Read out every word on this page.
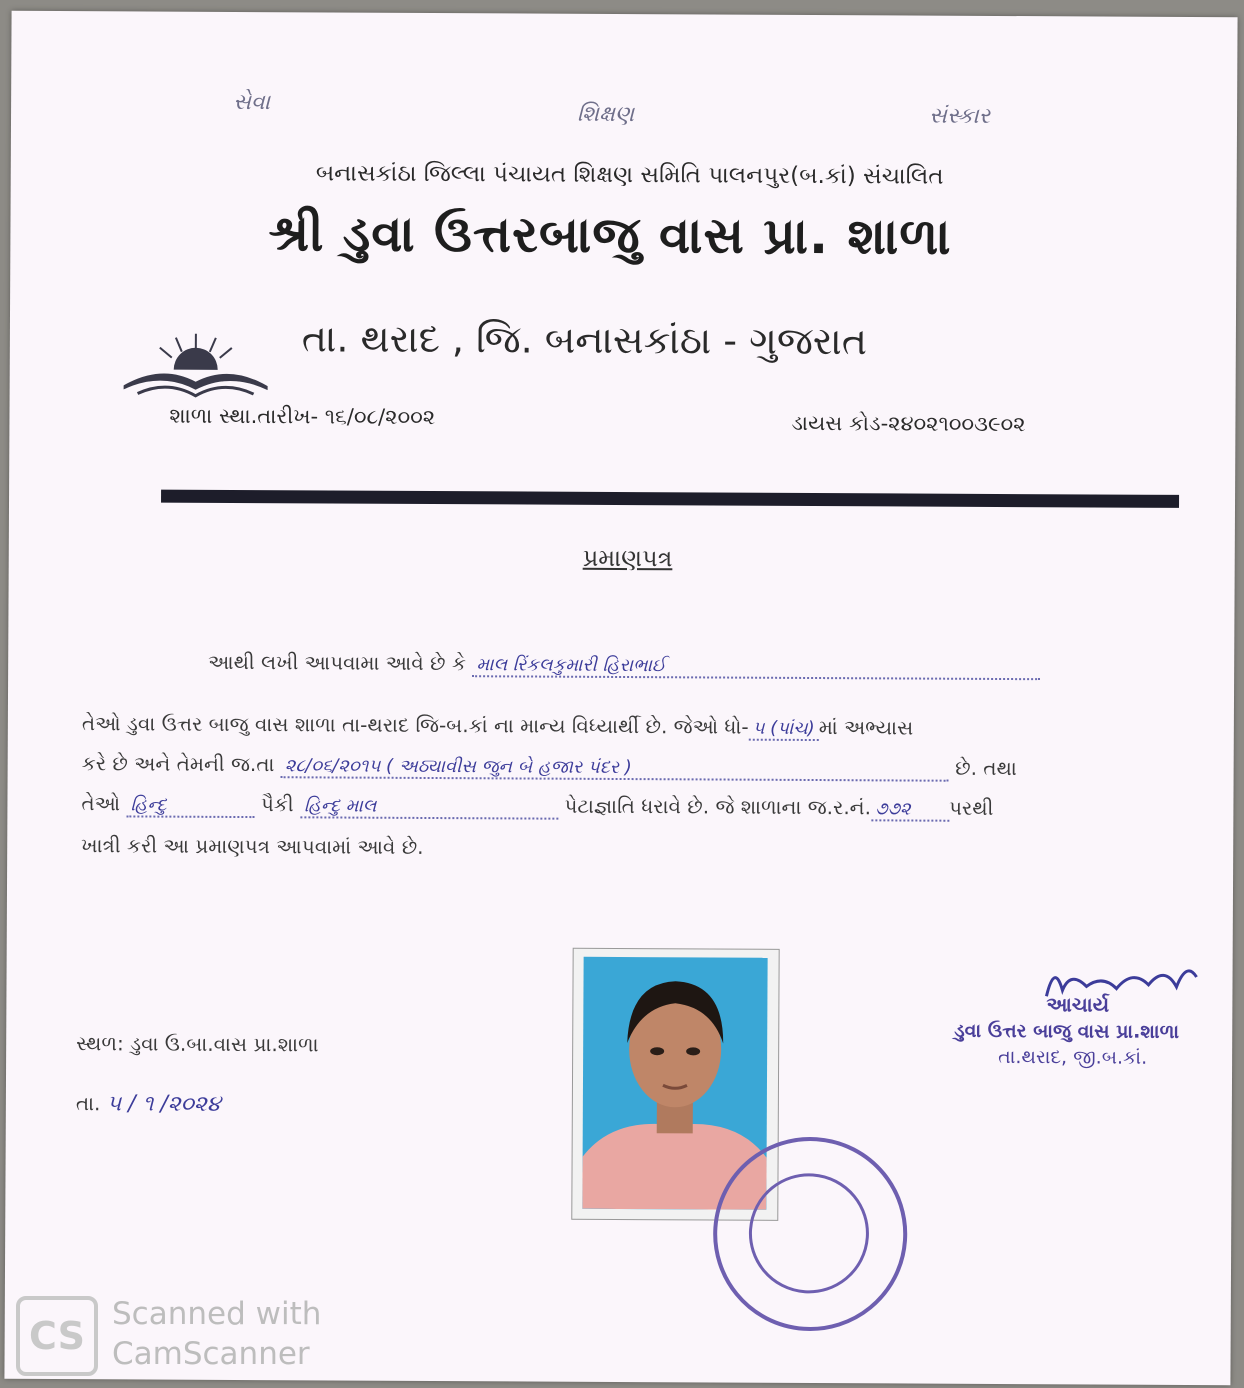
સેવા	શિક્ષણ	સંસ્કાર
બનાસકાંઠા જિલ્લા પંચાયત શિક્ષણ સમિતિ પાલનપુર(બ.કાં) સંચાલિત
શ્રી ડુવા ઉત્તરબાજુ વાસ પ્રા. શાળા
તા. થરાદ , જિ. બનાસકાંઠા - ગુજરાત
શાળા સ્થા.તારીખ- ૧૬/૦૮/૨૦૦૨	ડાયસ કોડ-૨૪૦૨૧૦૦૩૯૦૨
પ્રમાણપત્ર
આથી લખી આપવામા આવે છે કે માલ રિંકલકુમારી હિરાભાઈ
તેઓ ડુવા ઉત્તર બાજુ વાસ શાળા તા-થરાદ જિ-બ.કાં ના માન્ય વિધ્યાર્થી છે. જેઓ ધો- ૫ (પાંચ) માં અભ્યાસ
કરે છે અને તેમની જ.તા ૨૮/૦૬/૨૦૧૫ ( અઠ્યાવીસ જુન બે હજાર પંદર )	છે. તથા
તેઓ હિન્દુ	પૈકી હિન્દુ માલ	પેટાજ્ઞાતિ ધરાવે છે. જે શાળાના જ.ર.નં. ૭૭૨ પરથી
ખાત્રી કરી આ પ્રમાણપત્ર આપવામાં આવે છે.
સ્થળ: ડુવા ઉ.બા.વાસ પ્રા.શાળા
તા. ૫ / ૧ /૨૦૨૪
આચાર્ય
ડુવા ઉત્તર બાજુ વાસ પ્રા.શાળા
તા.થરાદ, જી.બ.કાં.
CS Scanned with
CamScanner
